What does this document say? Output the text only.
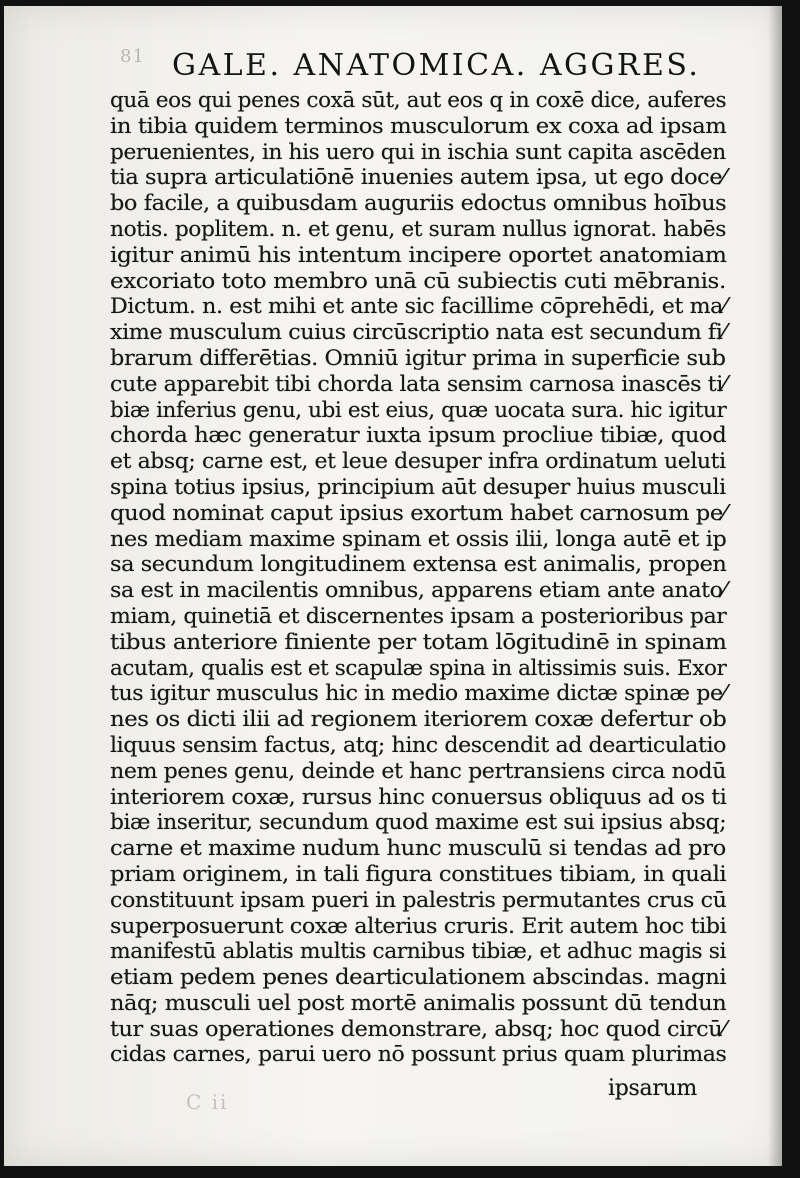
81 GALE. ANATOMICA. AGGRES.
quā eos qui penes coxā sūt, aut eos q in coxē dice, auferes
in tibia quidem terminos musculorum ex coxa ad ipsam
peruenientes, in his uero qui in ischia sunt capita ascēden
tia supra articulatiōnē inuenies autem ipsa, ut ego doce⁄
bo facile, a quibusdam auguriis edoctus omnibus hoībus
notis. poplitem. n. et genu, et suram nullus ignorat. habēs
igitur animū his intentum incipere oportet anatomiam
excoriato toto membro unā cū subiectis cuti mēbranis.
Dictum. n. est mihi et ante sic facillime cōprehēdi, et ma⁄
xime musculum cuius circūscriptio nata est secundum fi⁄
brarum differētias. Omniū igitur prima in superficie sub
cute apparebit tibi chorda lata sensim carnosa inascēs ti⁄
biæ inferius genu, ubi est eius, quæ uocata sura. hic igitur
chorda hæc generatur iuxta ipsum procliue tibiæ, quod
et absq; carne est, et leue desuper infra ordinatum ueluti
spina totius ipsius, principium aūt desuper huius musculi
quod nominat caput ipsius exortum habet carnosum pe⁄
nes mediam maxime spinam et ossis ilii, longa autē et ip
sa secundum longitudinem extensa est animalis, propen
sa est in macilentis omnibus, apparens etiam ante anato⁄
miam, quinetiā et discernentes ipsam a posterioribus par
tibus anteriore finiente per totam lōgitudinē in spinam
acutam, qualis est et scapulæ spina in altissimis suis. Exor
tus igitur musculus hic in medio maxime dictæ spinæ pe⁄
nes os dicti ilii ad regionem iteriorem coxæ defertur ob
liquus sensim factus, atq; hinc descendit ad dearticulatio
nem penes genu, deinde et hanc pertransiens circa nodū
interiorem coxæ, rursus hinc conuersus obliquus ad os ti
biæ inseritur, secundum quod maxime est sui ipsius absq;
carne et maxime nudum hunc musculū si tendas ad pro
priam originem, in tali figura constitues tibiam, in quali
constituunt ipsam pueri in palestris permutantes crus cū
superposuerunt coxæ alterius cruris. Erit autem hoc tibi
manifestū ablatis multis carnibus tibiæ, et adhuc magis si
etiam pedem penes dearticulationem abscindas. magni
nāq; musculi uel post mortē animalis possunt dū tendun
tur suas operationes demonstrare, absq; hoc quod circū⁄
cidas carnes, parui uero nō possunt prius quam plurimas
C ii
ipsarum
